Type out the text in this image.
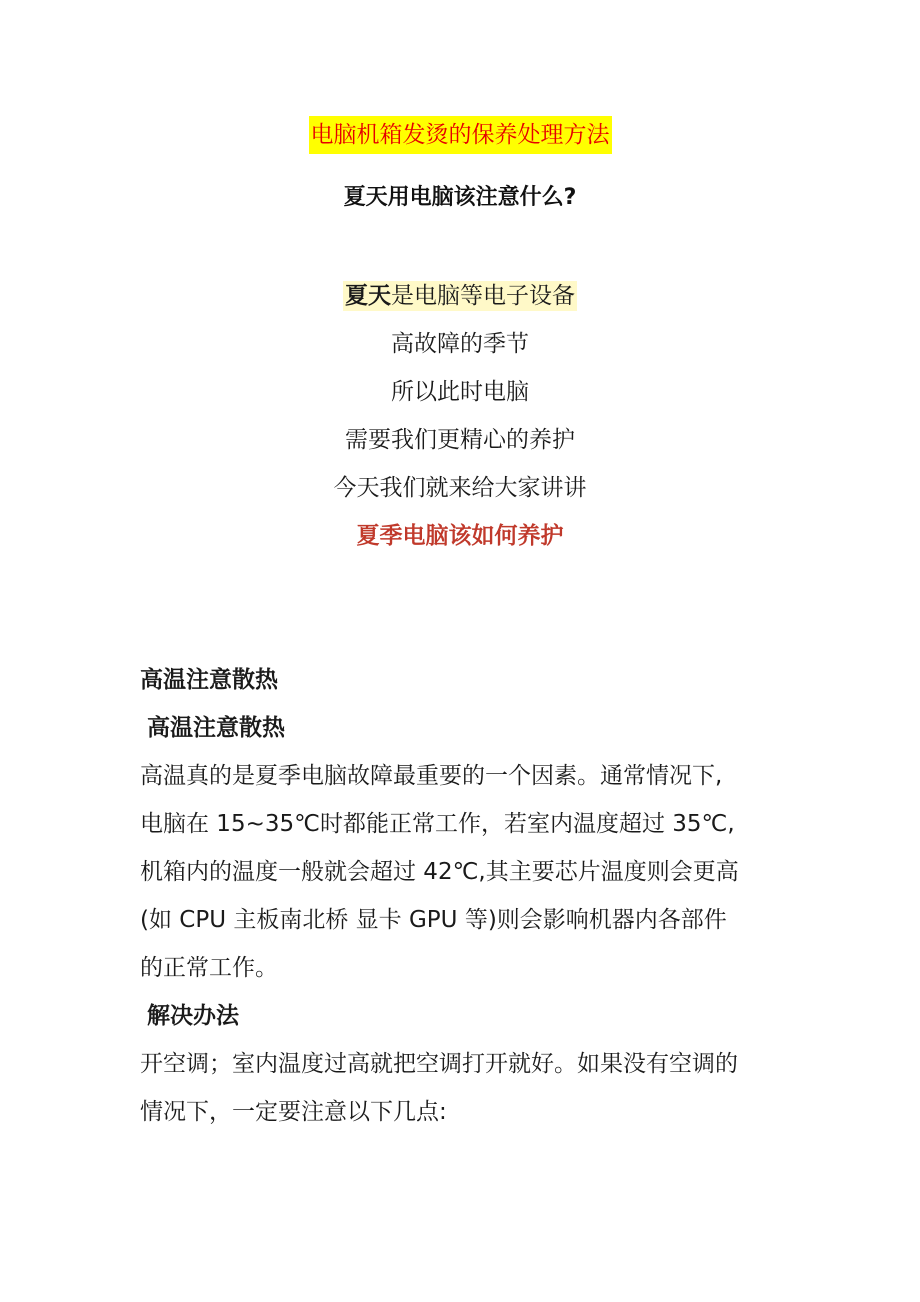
电脑机箱发烫的保养处理方法
夏天用电脑该注意什么?
夏天是电脑等电子设备
高故障的季节
所以此时电脑
需要我们更精心的养护
今天我们就来给大家讲讲
夏季电脑该如何养护
高温注意散热
高温注意散热
高温真的是夏季电脑故障最重要的一个因素。通常情况下,
电脑在 15~35℃时都能正常工作，若室内温度超过 35℃,
机箱内的温度一般就会超过 42℃,其主要芯片温度则会更高
(如 CPU 主板南北桥 显卡 GPU 等)则会影响机器内各部件
的正常工作。
解决办法
开空调；室内温度过高就把空调打开就好。如果没有空调的
情况下，一定要注意以下几点:
